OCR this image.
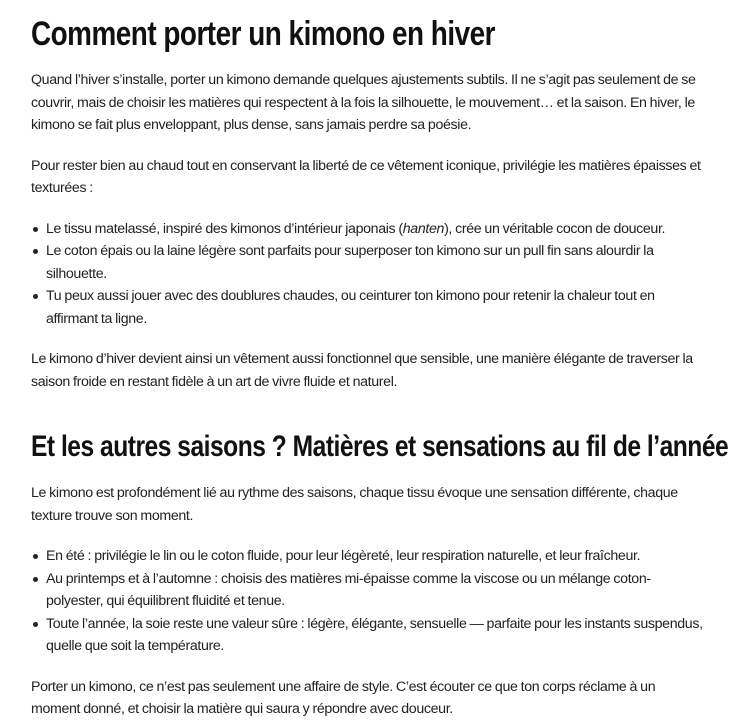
Comment porter un kimono en hiver

Quand l’hiver s’installe, porter un kimono demande quelques ajustements subtils. Il ne s’agit pas seulement de se couvrir, mais de choisir les matières qui respectent à la fois la silhouette, le mouvement… et la saison. En hiver, le kimono se fait plus enveloppant, plus dense, sans jamais perdre sa poésie.

Pour rester bien au chaud tout en conservant la liberté de ce vêtement iconique, privilégie les matières épaisses et texturées :

Le tissu matelassé, inspiré des kimonos d’intérieur japonais (hanten), crée un véritable cocon de douceur.
Le coton épais ou la laine légère sont parfaits pour superposer ton kimono sur un pull fin sans alourdir la silhouette.
Tu peux aussi jouer avec des doublures chaudes, ou ceinturer ton kimono pour retenir la chaleur tout en affirmant ta ligne.

Le kimono d’hiver devient ainsi un vêtement aussi fonctionnel que sensible, une manière élégante de traverser la saison froide en restant fidèle à un art de vivre fluide et naturel.

Et les autres saisons ? Matières et sensations au fil de l’année

Le kimono est profondément lié au rythme des saisons, chaque tissu évoque une sensation différente, chaque texture trouve son moment.

En été : privilégie le lin ou le coton fluide, pour leur légèreté, leur respiration naturelle, et leur fraîcheur.
Au printemps et à l’automne : choisis des matières mi-épaisse comme la viscose ou un mélange coton-polyester, qui équilibrent fluidité et tenue.
Toute l’année, la soie reste une valeur sûre : légère, élégante, sensuelle — parfaite pour les instants suspendus, quelle que soit la température.

Porter un kimono, ce n’est pas seulement une affaire de style. C’est écouter ce que ton corps réclame à un moment donné, et choisir la matière qui saura y répondre avec douceur.
